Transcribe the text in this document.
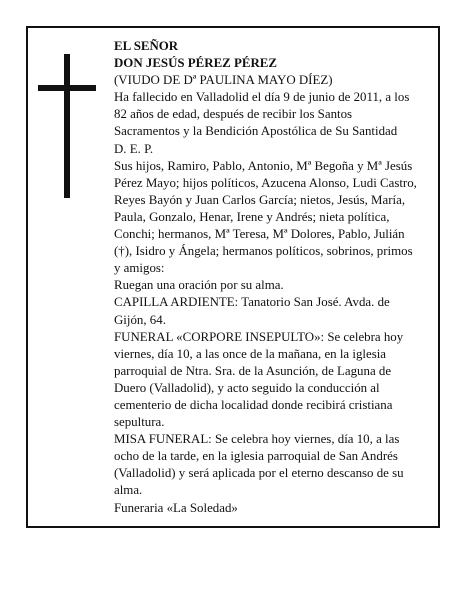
EL SEÑOR

DON JESÚS PÉREZ PÉREZ

(VIUDO DE Dª PAULINA MAYO DÍEZ)

Ha fallecido en Valladolid el día 9 de junio de 2011, a los 82 años de edad, después de recibir los Santos Sacramentos y la Bendición Apostólica de Su Santidad

D. E. P.

Sus hijos, Ramiro, Pablo, Antonio, Mª Begoña y Mª Jesús Pérez Mayo; hijos políticos, Azucena Alonso, Ludi Castro, Reyes Bayón y Juan Carlos García; nietos, Jesús, María, Paula, Gonzalo, Henar, Irene y Andrés; nieta política, Conchi; hermanos, Mª Teresa, Mª Dolores, Pablo, Julián (†), Isidro y Ángela; hermanos políticos, sobrinos, primos y amigos:

Ruegan una oración por su alma.

CAPILLA ARDIENTE: Tanatorio San José. Avda. de Gijón, 64.

FUNERAL «CORPORE INSEPULTO»: Se celebra hoy viernes, día 10, a las once de la mañana, en la iglesia parroquial de Ntra. Sra. de la Asunción, de Laguna de Duero (Valladolid), y acto seguido la conducción al cementerio de dicha localidad donde recibirá cristiana sepultura.

MISA FUNERAL: Se celebra hoy viernes, día 10, a las ocho de la tarde, en la iglesia parroquial de San Andrés (Valladolid) y será aplicada por el eterno descanso de su alma.

Funeraria «La Soledad»
